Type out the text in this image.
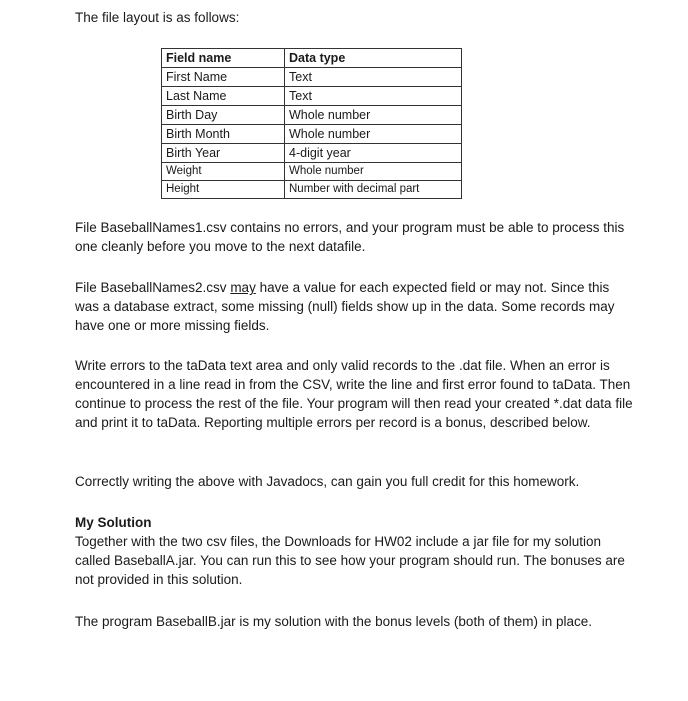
The file layout is as follows:

Field name	Data type
First Name	Text
Last Name	Text
Birth Day	Whole number
Birth Month	Whole number
Birth Year	4-digit year
Weight	Whole number
Height	Number with decimal part

File BaseballNames1.csv contains no errors, and your program must be able to process this one cleanly before you move to the next datafile.

File BaseballNames2.csv may have a value for each expected field or may not. Since this was a database extract, some missing (null) fields show up in the data. Some records may have one or more missing fields.

Write errors to the taData text area and only valid records to the .dat file. When an error is encountered in a line read in from the CSV, write the line and first error found to taData. Then continue to process the rest of the file. Your program will then read your created *.dat data file and print it to taData. Reporting multiple errors per record is a bonus, described below.

Correctly writing the above with Javadocs, can gain you full credit for this homework.

My Solution
Together with the two csv files, the Downloads for HW02 include a jar file for my solution called BaseballA.jar. You can run this to see how your program should run. The bonuses are not provided in this solution.

The program BaseballB.jar is my solution with the bonus levels (both of them) in place.
